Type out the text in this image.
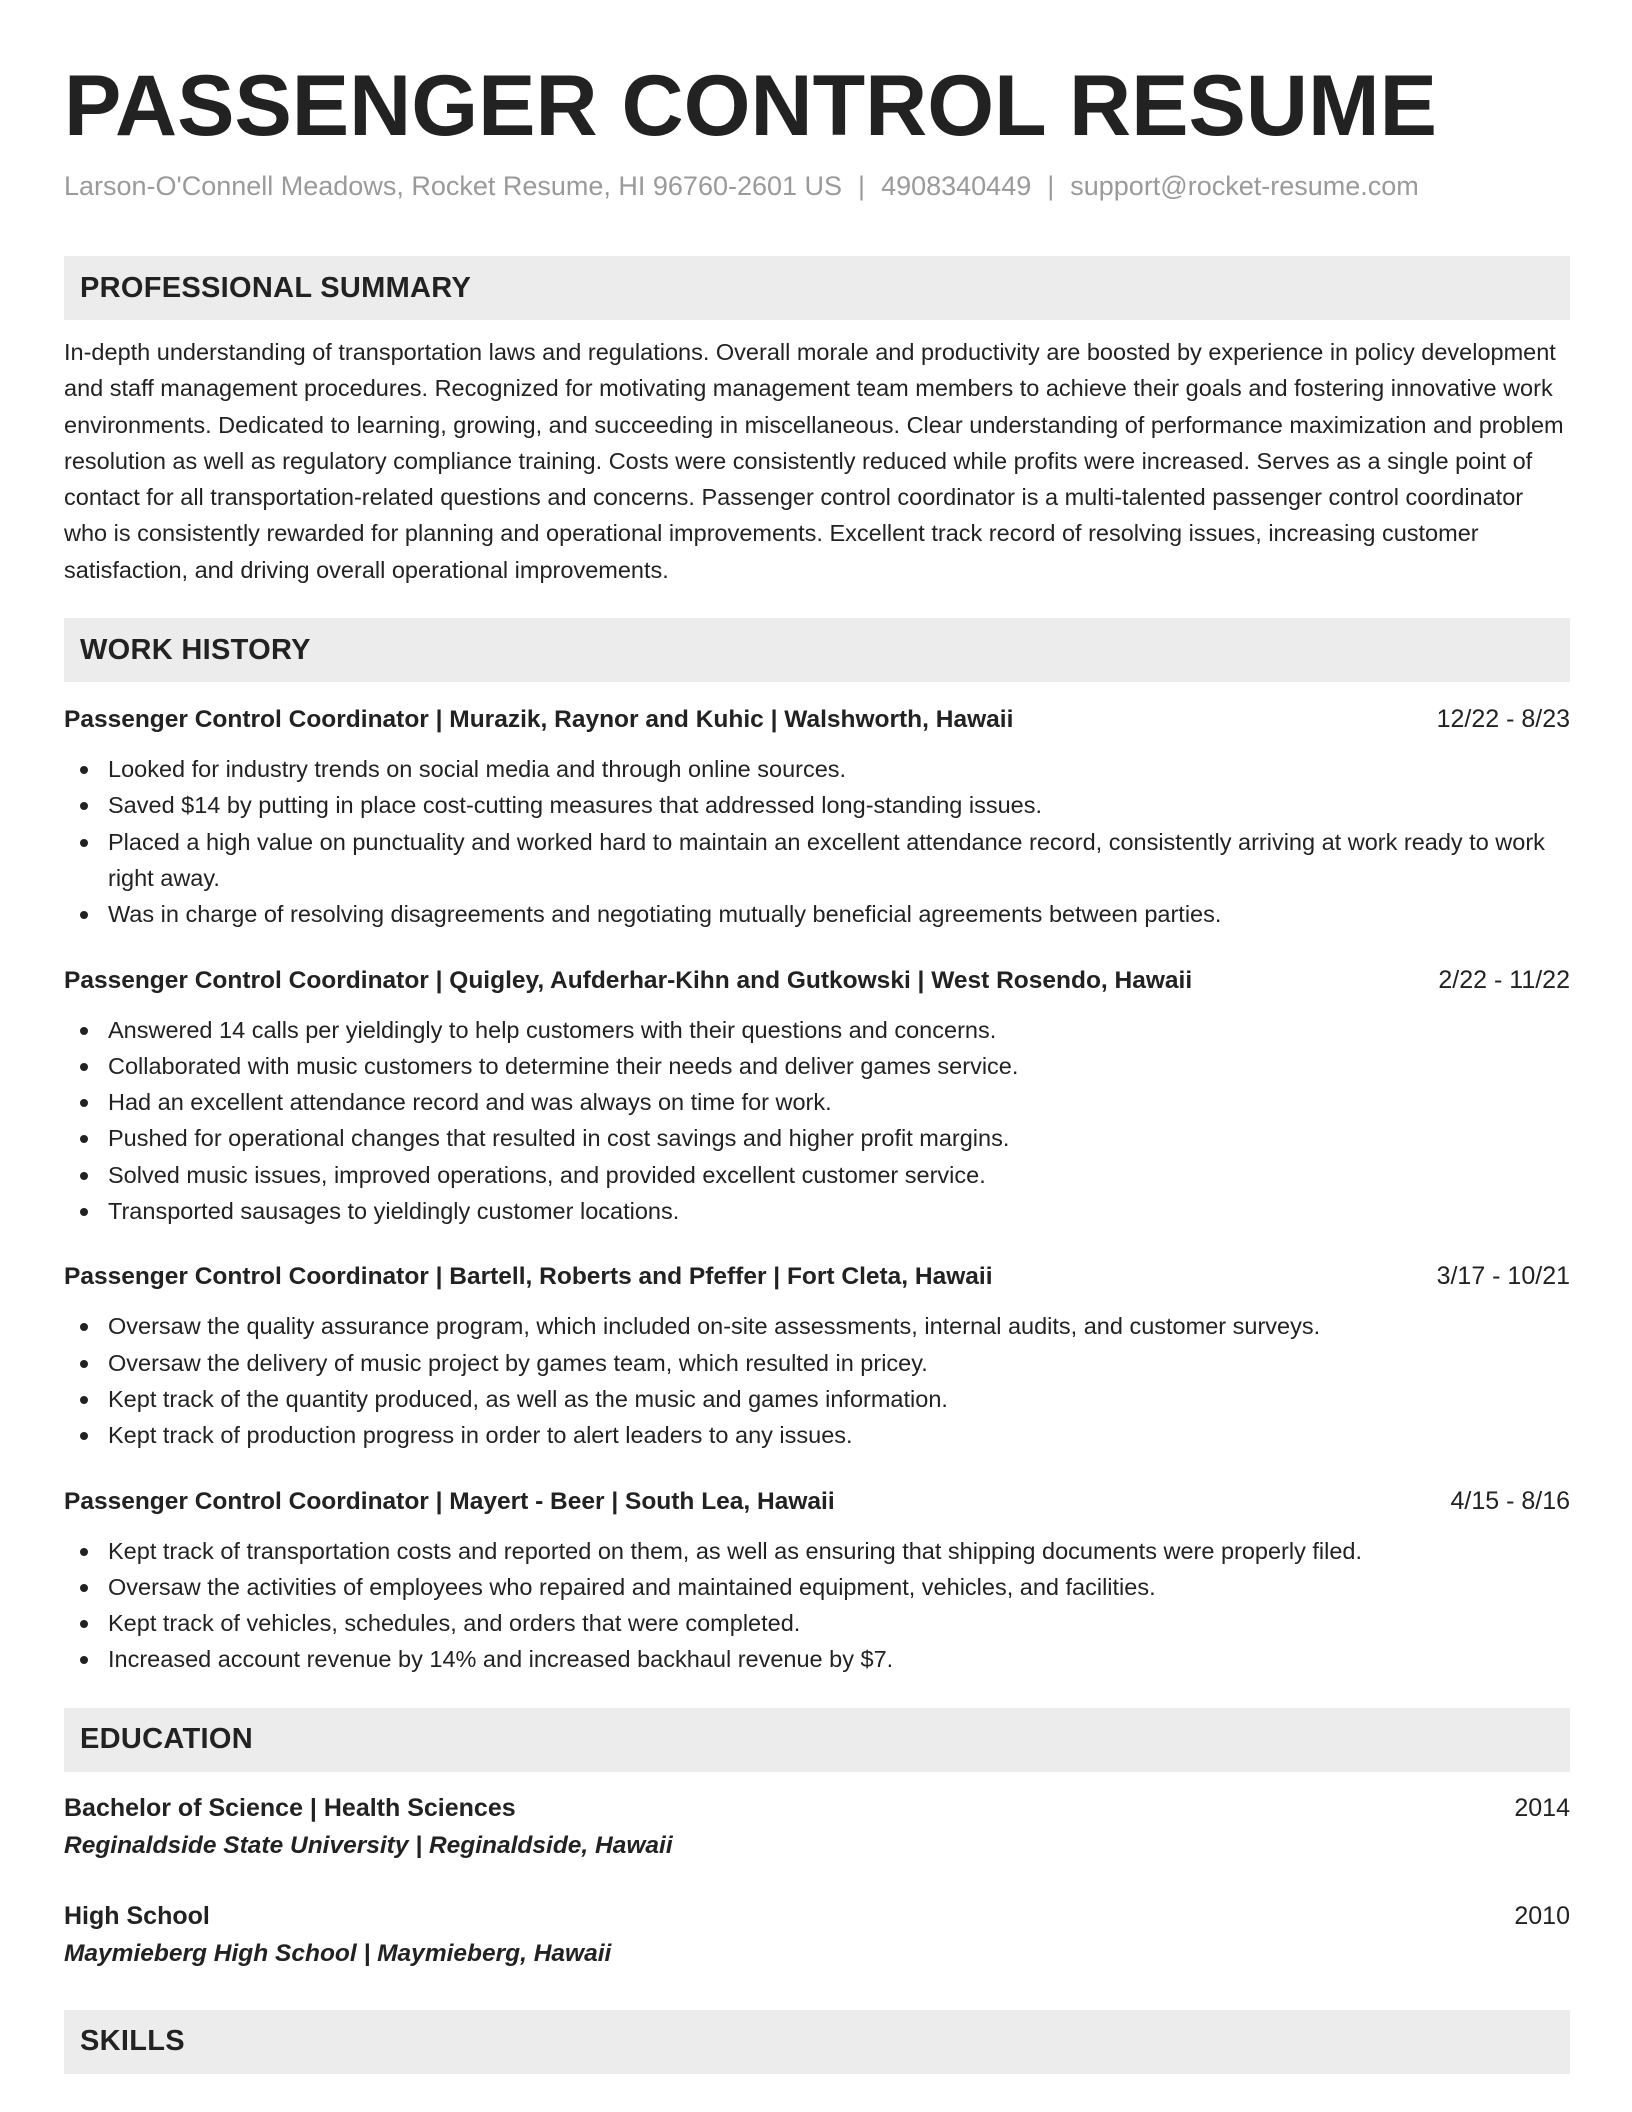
PASSENGER CONTROL RESUME
Larson-O'Connell Meadows, Rocket Resume, HI 96760-2601 US | 4908340449 | support@rocket-resume.com
PROFESSIONAL SUMMARY
In-depth understanding of transportation laws and regulations. Overall morale and productivity are boosted by experience in policy development and staff management procedures. Recognized for motivating management team members to achieve their goals and fostering innovative work environments. Dedicated to learning, growing, and succeeding in miscellaneous. Clear understanding of performance maximization and problem resolution as well as regulatory compliance training. Costs were consistently reduced while profits were increased. Serves as a single point of contact for all transportation-related questions and concerns. Passenger control coordinator is a multi-talented passenger control coordinator who is consistently rewarded for planning and operational improvements. Excellent track record of resolving issues, increasing customer satisfaction, and driving overall operational improvements.
WORK HISTORY
Passenger Control Coordinator | Murazik, Raynor and Kuhic | Walshworth, Hawaii	12/22 - 8/23
Looked for industry trends on social media and through online sources.
Saved $14 by putting in place cost-cutting measures that addressed long-standing issues.
Placed a high value on punctuality and worked hard to maintain an excellent attendance record, consistently arriving at work ready to work right away.
Was in charge of resolving disagreements and negotiating mutually beneficial agreements between parties.
Passenger Control Coordinator | Quigley, Aufderhar-Kihn and Gutkowski | West Rosendo, Hawaii	2/22 - 11/22
Answered 14 calls per yieldingly to help customers with their questions and concerns.
Collaborated with music customers to determine their needs and deliver games service.
Had an excellent attendance record and was always on time for work.
Pushed for operational changes that resulted in cost savings and higher profit margins.
Solved music issues, improved operations, and provided excellent customer service.
Transported sausages to yieldingly customer locations.
Passenger Control Coordinator | Bartell, Roberts and Pfeffer | Fort Cleta, Hawaii	3/17 - 10/21
Oversaw the quality assurance program, which included on-site assessments, internal audits, and customer surveys.
Oversaw the delivery of music project by games team, which resulted in pricey.
Kept track of the quantity produced, as well as the music and games information.
Kept track of production progress in order to alert leaders to any issues.
Passenger Control Coordinator | Mayert - Beer | South Lea, Hawaii	4/15 - 8/16
Kept track of transportation costs and reported on them, as well as ensuring that shipping documents were properly filed.
Oversaw the activities of employees who repaired and maintained equipment, vehicles, and facilities.
Kept track of vehicles, schedules, and orders that were completed.
Increased account revenue by 14% and increased backhaul revenue by $7.
EDUCATION
Bachelor of Science | Health Sciences	2014
Reginaldside State University | Reginaldside, Hawaii
High School	2010
Maymieberg High School | Maymieberg, Hawaii
SKILLS
